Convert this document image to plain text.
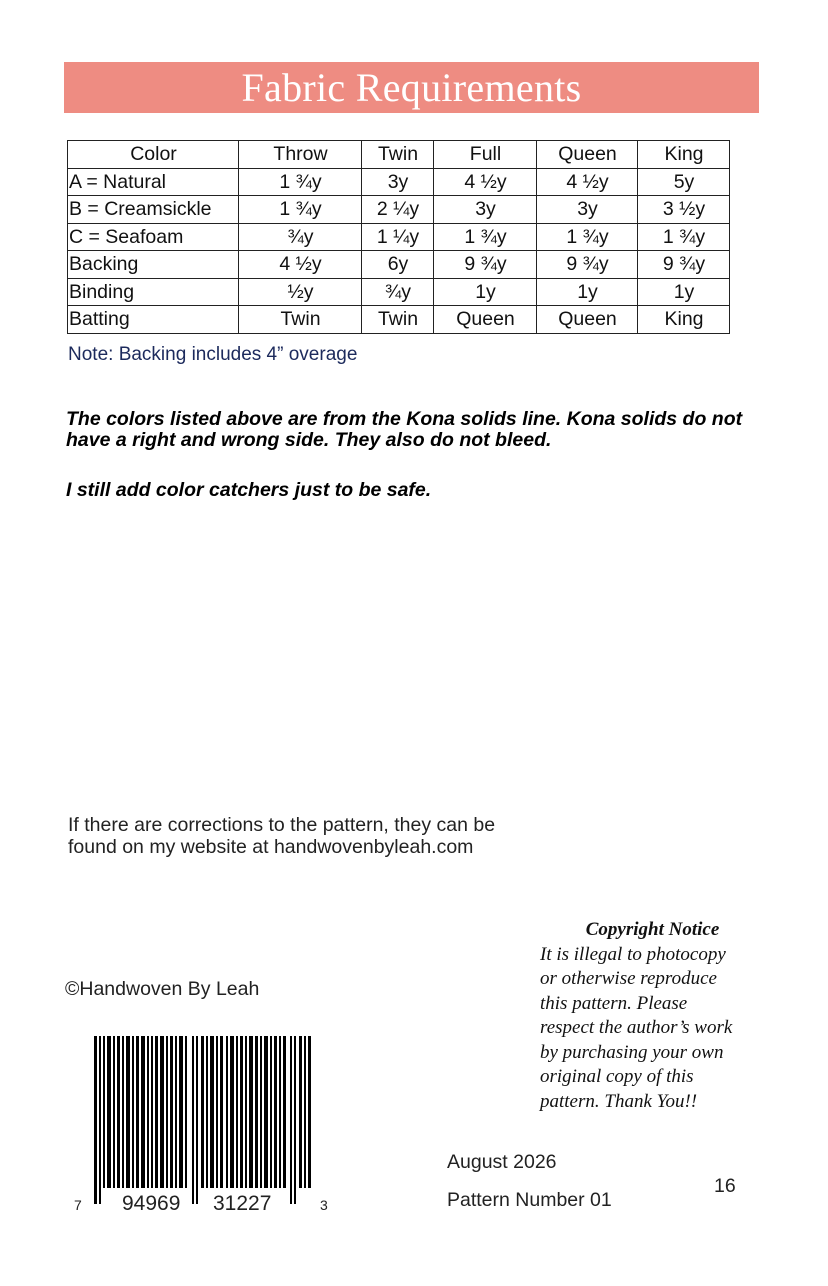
Fabric Requirements
Color	Throw	Twin	Full	Queen	King
A = Natural	1 ¾y	3y	4 ½y	4 ½y	5y
B = Creamsickle	1 ¾y	2 ¼y	3y	3y	3 ½y
C = Seafoam	¾y	1 ¼y	1 ¾y	1 ¾y	1 ¾y
Backing	4 ½y	6y	9 ¾y	9 ¾y	9 ¾y
Binding	½y	¾y	1y	1y	1y
Batting	Twin	Twin	Queen	Queen	King
Note: Backing includes 4” overage
The colors listed above are from the Kona solids line. Kona solids do not have a right and wrong side. They also do not bleed.
I still add color catchers just to be safe.
If there are corrections to the pattern, they can be
found on my website at handwovenbyleah.com
©Handwoven By Leah
7 94969 31227	3
Copyright Notice
It is illegal to photocopy
or otherwise reproduce
this pattern. Please
respect the author’s work
by purchasing your own
original copy of this
pattern. Thank You!!
August 2026
Pattern Number 01
16
